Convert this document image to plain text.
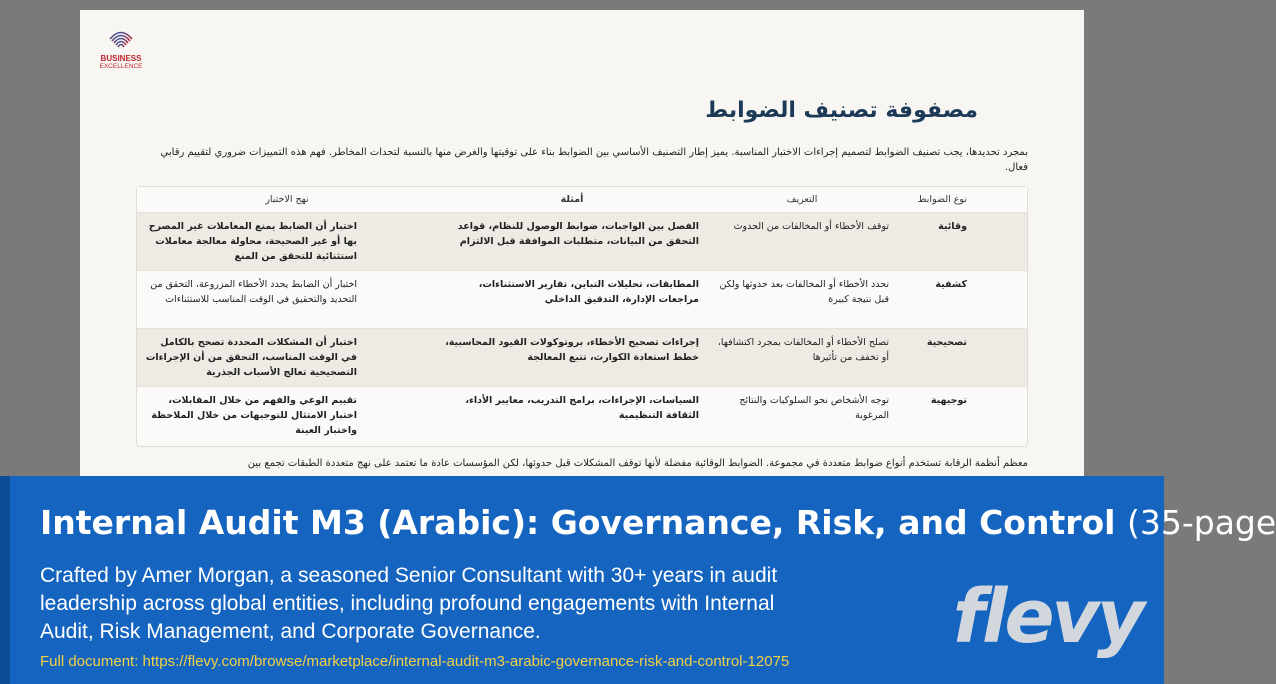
BUSINESS
EXCELLENCE
مصفوفة تصنيف الضوابط

بمجرد تحديدها، يجب تصنيف الضوابط لتصميم إجراءات الاختبار المناسبة. يميز إطار التصنيف الأساسي بين الضوابط بناء على توقيتها والغرض منها بالنسبة لتحدات المخاطر. فهم هذه التمييزات ضروري لتقييم رقابي فعال.

نوع الضوابط
التعريف
أمثلة
نهج الاختبار
وقائية
توقف الأخطاء أو المخالفات من الحدوث
الفصل بين الواجبات، ضوابط الوصول للنظام، قواعد التحقق من البيانات، متطلبات الموافقة قبل الالتزام
اختبار أن الضابط يمنع المعاملات غير المصرح بها أو غير الصحيحة، محاولة معالجة معاملات استثنائية للتحقق من المنع
كشفية
تحدد الأخطاء أو المخالفات بعد حدوثها ولكن قبل نتيجة كبيرة
المطابقات، تحليلات التباين، تقارير الاستثناءات، مراجعات الإدارة، التدقيق الداخلي
اختبار أن الضابط يحدد الأخطاء المزروعة، التحقق من التحديد والتحقيق في الوقت المناسب للاستثناءات
تصحيحية
تصلح الأخطاء أو المخالفات بمجرد اكتشافها، أو تخفف من تأثيرها
إجراءات تصحيح الأخطاء، بروتوكولات القيود المحاسبية، خطط استعادة الكوارث، تتبع المعالجة
اختبار أن المشكلات المحددة تصحح بالكامل في الوقت المناسب، التحقق من أن الإجراءات التصحيحية تعالج الأسباب الجذرية
توجيهية
توجه الأشخاص نحو السلوكيات والنتائج المرغوبة
السياسات، الإجراءات، برامج التدريب، معايير الأداء، الثقافة التنظيمية
تقييم الوعي والفهم من خلال المقابلات، اختبار الامتثال للتوجيهات من خلال الملاحظة واختبار العينة
معظم أنظمة الرقابة تستخدم أنواع ضوابط متعددة في مجموعة. الضوابط الوقائية مفضلة لأنها توقف المشكلات قبل حدوثها، لكن المؤسسات عادة ما تعتمد على نهج متعددة الطبقات تجمع بين
Internal Audit M3 (Arabic): Governance, Risk, and Control (35-page
Crafted by Amer Morgan, a seasoned Senior Consultant with 30+ years in audit leadership across global entities, including profound engagements with Internal Audit, Risk Management, and Corporate Governance.
Full document: https://flevy.com/browse/marketplace/internal-audit-m3-arabic-governance-risk-and-control-12075
flevy
